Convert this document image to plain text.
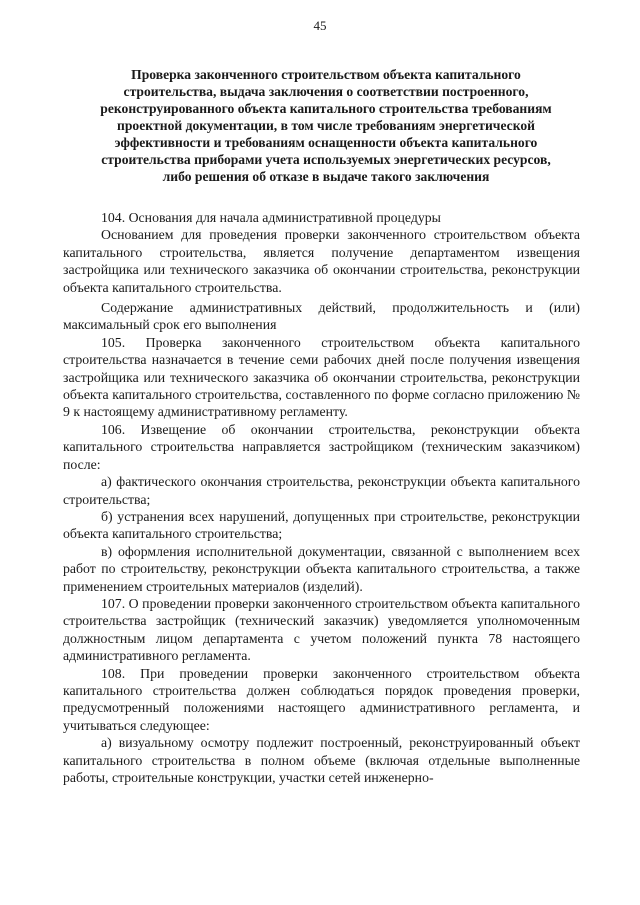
45
Проверка законченного строительством объекта капитального
строительства, выдача заключения о соответствии построенного,
реконструированного объекта капитального строительства требованиям
проектной документации, в том числе требованиям энергетической
эффективности и требованиям оснащенности объекта капитального
строительства приборами учета используемых энергетических ресурсов,
либо решения об отказе в выдаче такого заключения

104. Основания для начала административной процедуры

Основанием для проведения проверки законченного строительством объекта капитального строительства, является получение департаментом извещения застройщика или технического заказчика об окончании строительства, реконструкции объекта капитального строительства.

Содержание административных действий, продолжительность и (или) максимальный срок его выполнения

105. Проверка законченного строительством объекта капитального строительства назначается в течение семи рабочих дней после получения извещения застройщика или технического заказчика об окончании строительства, реконструкции объекта капитального строительства, составленного по форме согласно приложению № 9 к настоящему административному регламенту.

106. Извещение об окончании строительства, реконструкции объекта капитального строительства направляется застройщиком (техническим заказчиком) после:

а) фактического окончания строительства, реконструкции объекта капитального строительства;

б) устранения всех нарушений, допущенных при строительстве, реконструкции объекта капитального строительства;

в) оформления исполнительной документации, связанной с выполнением всех работ по строительству, реконструкции объекта капитального строительства, а также применением строительных материалов (изделий).

107. О проведении проверки законченного строительством объекта капитального строительства застройщик (технический заказчик) уведомляется уполномоченным должностным лицом департамента с учетом положений пункта 78 настоящего административного регламента.

108. При проведении проверки законченного строительством объекта капитального строительства должен соблюдаться порядок проведения проверки, предусмотренный положениями настоящего административного регламента, и учитываться следующее:

а) визуальному осмотру подлежит построенный, реконструированный объект капитального строительства в полном объеме (включая отдельные выполненные работы, строительные конструкции, участки сетей инженерно-
